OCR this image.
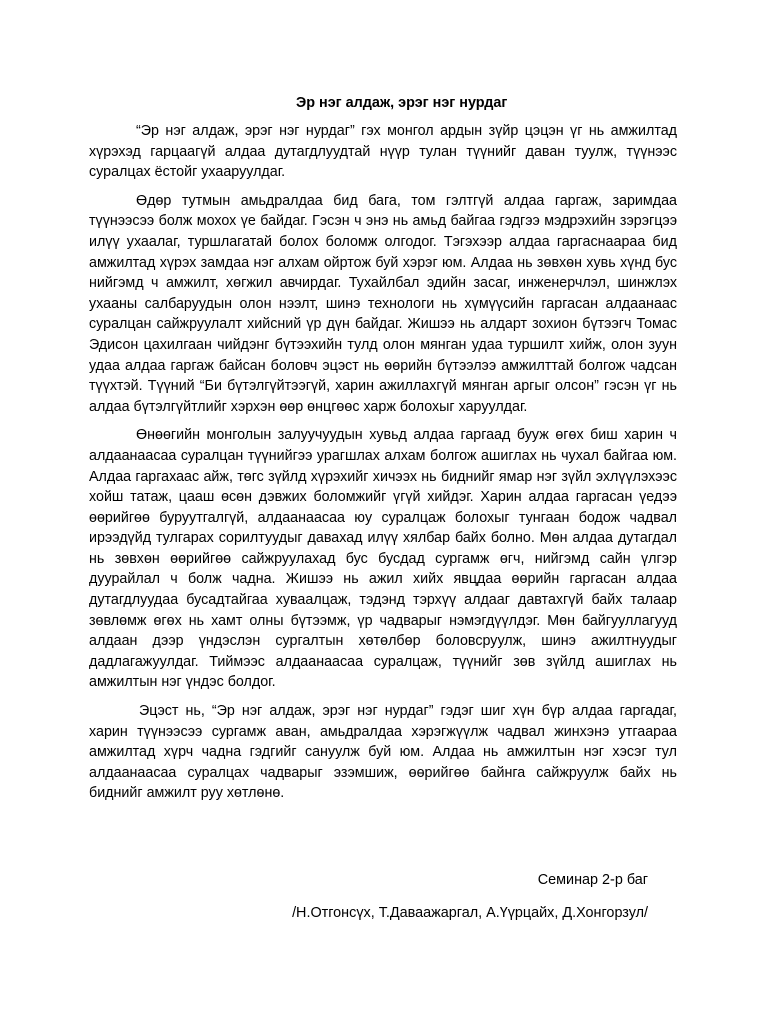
Эр нэг алдаж, эрэг нэг нурдаг

“Эр нэг алдаж, эрэг нэг нурдаг” гэх монгол ардын зүйр цэцэн үг нь амжилтад хүрэхэд гарцаагүй алдаа дутагдлуудтай нүүр тулан түүнийг даван туулж, түүнээс суралцах ёстойг ухааруулдаг.

Өдөр тутмын амьдралдаа бид бага, том гэлтгүй алдаа гаргаж, заримдаа түүнээсээ болж мохох үе байдаг. Гэсэн ч энэ нь амьд байгаа гэдгээ мэдрэхийн зэрэгцээ илүү ухаалаг, туршлагатай болох боломж олгодог. Тэгэхээр алдаа гаргаснаараа бид амжилтад хүрэх замдаа нэг алхам ойртож буй хэрэг юм. Алдаа нь зөвхөн хувь хүнд бус нийгэмд ч амжилт, хөгжил авчирдаг. Тухайлбал эдийн засаг, инженерчлэл, шинжлэх ухааны салбаруудын олон нээлт, шинэ технологи нь хүмүүсийн гаргасан алдаанаас суралцан сайжруулалт хийсний үр дүн байдаг. Жишээ нь алдарт зохион бүтээгч Томас Эдисон цахилгаан чийдэнг бүтээхийн тулд олон мянган удаа туршилт хийж, олон зуун удаа алдаа гаргаж байсан боловч эцэст нь өөрийн бүтээлээ амжилттай болгож чадсан түүхтэй. Түүний “Би бүтэлгүйтээгүй, харин ажиллахгүй мянган аргыг олсон” гэсэн үг нь алдаа бүтэлгүйтлийг хэрхэн өөр өнцгөөс харж болохыг харуулдаг.

Өнөөгийн монголын залуучуудын хувьд алдаа гаргаад бууж өгөх биш харин ч алдаанаасаа суралцан түүнийгээ урагшлах алхам болгож ашиглах нь чухал байгаа юм. Алдаа гаргахаас айж, төгс зүйлд хүрэхийг хичээх нь биднийг ямар нэг зүйл эхлүүлэхээс хойш татаж, цааш өсөн дэвжих боломжийг үгүй хийдэг. Харин алдаа гаргасан үедээ өөрийгөө буруутгалгүй, алдаанаасаа юу суралцаж болохыг тунгаан бодож чадвал ирээдүйд тулгарах сорилтуудыг давахад илүү хялбар байх болно. Мөн алдаа дутагдал нь зөвхөн өөрийгөө сайжруулахад бус бусдад сургамж өгч, нийгэмд сайн үлгэр дуурайлал ч болж чадна. Жишээ нь ажил хийх явцдаа өөрийн гаргасан алдаа дутагдлуудаа бусадтайгаа хуваалцаж, тэдэнд тэрхүү алдааг давтахгүй байх талаар зөвлөмж өгөх нь хамт олны бүтээмж, үр чадварыг нэмэгдүүлдэг. Мөн байгууллагууд алдаан дээр үндэслэн сургалтын хөтөлбөр боловсруулж, шинэ ажилтнуудыг дадлагажуулдаг. Тиймээс алдаанаасаа суралцаж, түүнийг зөв зүйлд ашиглах нь амжилтын нэг үндэс болдог.

Эцэст нь, “Эр нэг алдаж, эрэг нэг нурдаг” гэдэг шиг хүн бүр алдаа гаргадаг, харин түүнээсээ сургамж аван, амьдралдаа хэрэгжүүлж чадвал жинхэнэ утгаараа амжилтад хүрч чадна гэдгийг сануулж буй юм. Алдаа нь амжилтын нэг хэсэг тул алдаанаасаа суралцах чадварыг эзэмшиж, өөрийгөө байнга сайжруулж байх нь биднийг амжилт руу хөтлөнө.

Семинар 2-р баг
/Н.Отгонсүх, Т.Даваажаргал, А.Үүрцайх, Д.Хонгорзул/
